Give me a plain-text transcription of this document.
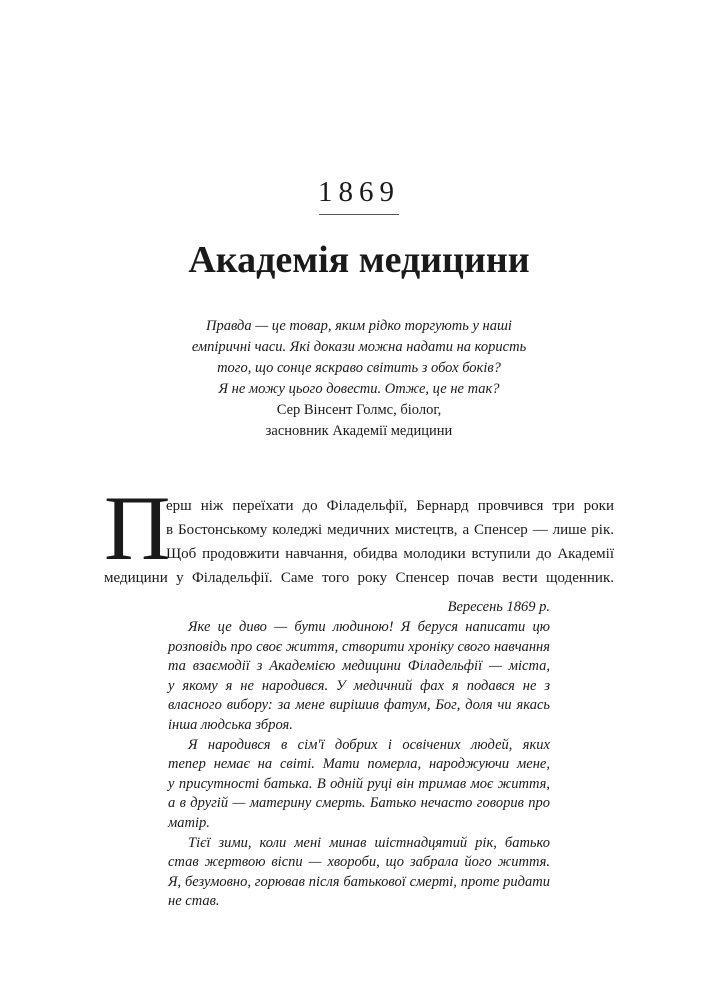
1869
Академія медицини
Правда — це товар, яким рідко торгують у наші
емпіричні часи. Які докази можна надати на користь
того, що сонце яскраво світить з обох боків?
Я не можу цього довести. Отже, це не так?
Сер Вінсент Голмс, біолог,
засновник Академії медицини
П
ерш ніж переїхати до Філадельфії, Бернард провчився три роки
в Бостонському коледжі медичних мистецтв, а Спенсер — лише рік.
Щоб продовжити навчання, обидва молодики вступили до Академії
медицини у Філадельфії. Саме того року Спенсер почав вести щоденник.
Вересень 1869 р.
Яке це диво — бути людиною! Я беруся написати цю
розповідь про своє життя, створити хроніку свого навчання
та взаємодії з Академією медицини Філадельфії — міста,
у якому я не народився. У медичний фах я подався не з
власного вибору: за мене вирішив фатум, Бог, доля чи якась
інша людська зброя.
Я народився в сім'ї добрих і освічених людей, яких
тепер немає на світі. Мати померла, народжуючи мене,
у присутності батька. В одній руці він тримав моє життя,
а в другій — материну смерть. Батько нечасто говорив про
матір.
Тієї зими, коли мені минав шістнадцятий рік, батько
став жертвою віспи — хвороби, що забрала його життя.
Я, безумовно, горював після батькової смерті, проте ридати
не став.
